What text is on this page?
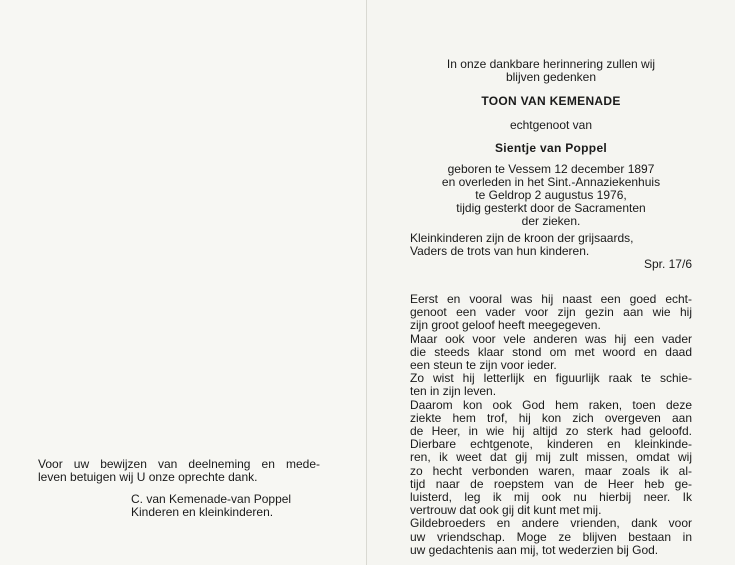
Voor uw bewijzen van deelneming en mede-
leven betuigen wij U onze oprechte dank.
C. van Kemenade-van Poppel
Kinderen en kleinkinderen.
In onze dankbare herinnering zullen wij
blijven gedenken
TOON VAN KEMENADE
echtgenoot van
Sientje van Poppel
geboren te Vessem 12 december 1897
en overleden in het Sint.-Annaziekenhuis
te Geldrop 2 augustus 1976,
tijdig gesterkt door de Sacramenten
der zieken.
Kleinkinderen zijn de kroon der grijsaards,
Vaders de trots van hun kinderen.
Spr. 17/6
Eerst en vooral was hij naast een goed echt-
genoot een vader voor zijn gezin aan wie hij
zijn groot geloof heeft meegegeven.
Maar ook voor vele anderen was hij een vader
die steeds klaar stond om met woord en daad
een steun te zijn voor ieder.
Zo wist hij letterlijk en figuurlijk raak te schie-
ten in zijn leven.
Daarom kon ook God hem raken, toen deze
ziekte hem trof, hij kon zich overgeven aan
de Heer, in wie hij altijd zo sterk had geloofd.
Dierbare echtgenote, kinderen en kleinkinde-
ren, ik weet dat gij mij zult missen, omdat wij
zo hecht verbonden waren, maar zoals ik al-
tijd naar de roepstem van de Heer heb ge-
luisterd, leg ik mij ook nu hierbij neer. Ik
vertrouw dat ook gij dit kunt met mij.
Gildebroeders en andere vrienden, dank voor
uw vriendschap. Moge ze blijven bestaan in
uw gedachtenis aan mij, tot wederzien bij God.
